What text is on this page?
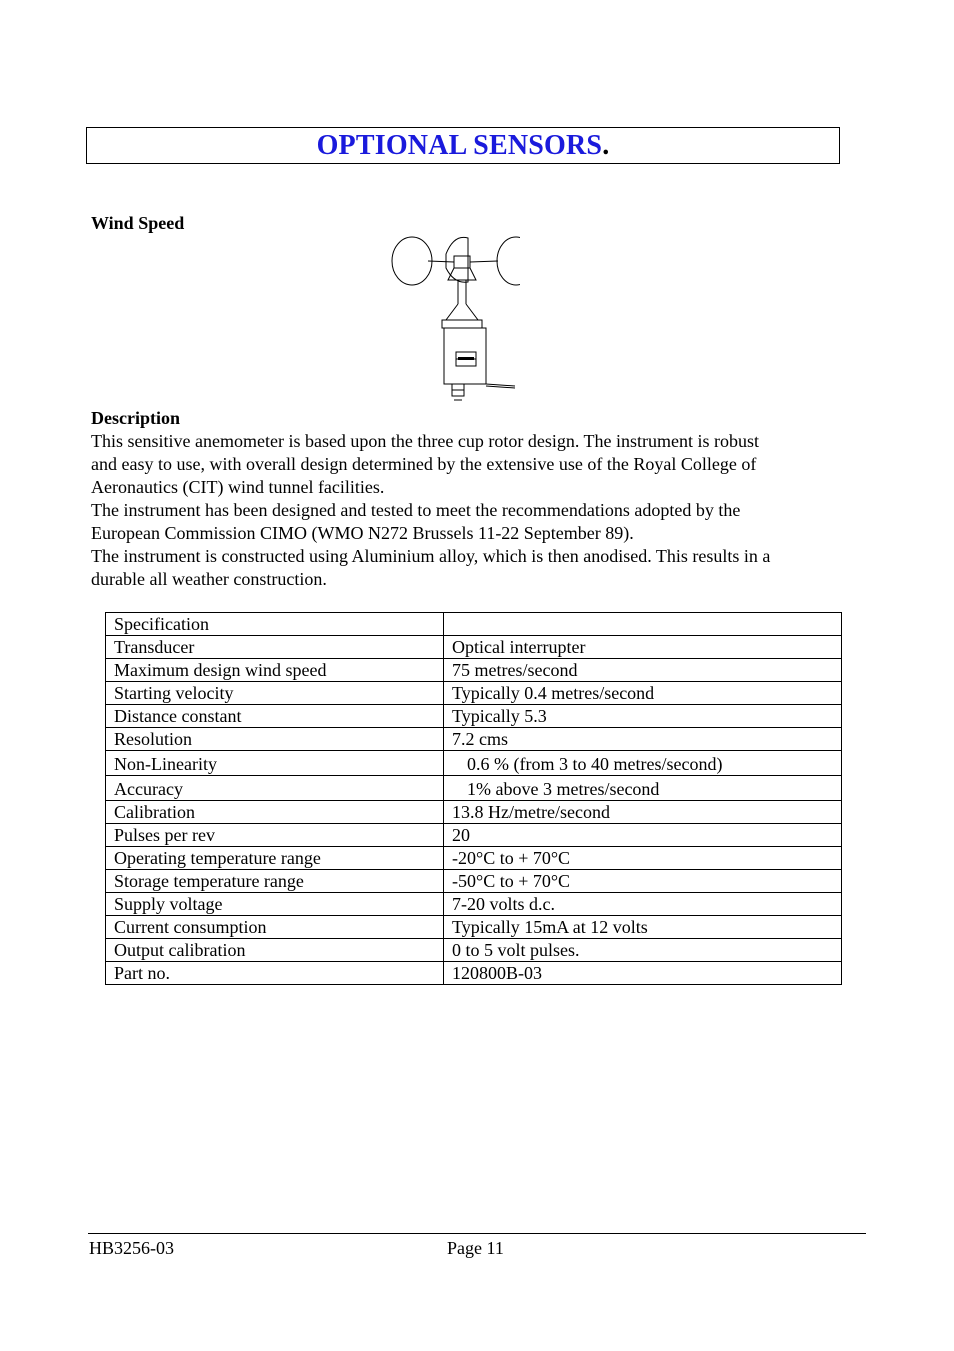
OPTIONAL SENSORS.
Wind Speed
Description

This sensitive anemometer is based upon the three cup rotor design. The instrument is robust

and easy to use, with overall design determined by the extensive use of the Royal College of

Aeronautics (CIT) wind tunnel facilities.

The instrument has been designed and tested to meet the recommendations adopted by the

European Commission CIMO (WMO N272 Brussels 11-22 September 89).

The instrument is constructed using Aluminium alloy, which is then anodised. This results in a

durable all weather construction.

Specification	
Transducer	Optical interrupter
Maximum design wind speed	75 metres/second
Starting velocity	Typically 0.4 metres/second
Distance constant	Typically 5.3
Resolution	7.2 cms
Non-Linearity	0.6 % (from 3 to 40 metres/second)
Accuracy	1% above 3 metres/second
Calibration	13.8 Hz/metre/second
Pulses per rev	20
Operating temperature range	-20°C to + 70°C
Storage temperature range	-50°C to + 70°C
Supply voltage	7-20 volts d.c.
Current consumption	Typically 15mA at 12 volts
Output calibration	0 to 5 volt pulses.
Part no.	120800B-03
HB3256-03	Page 11
